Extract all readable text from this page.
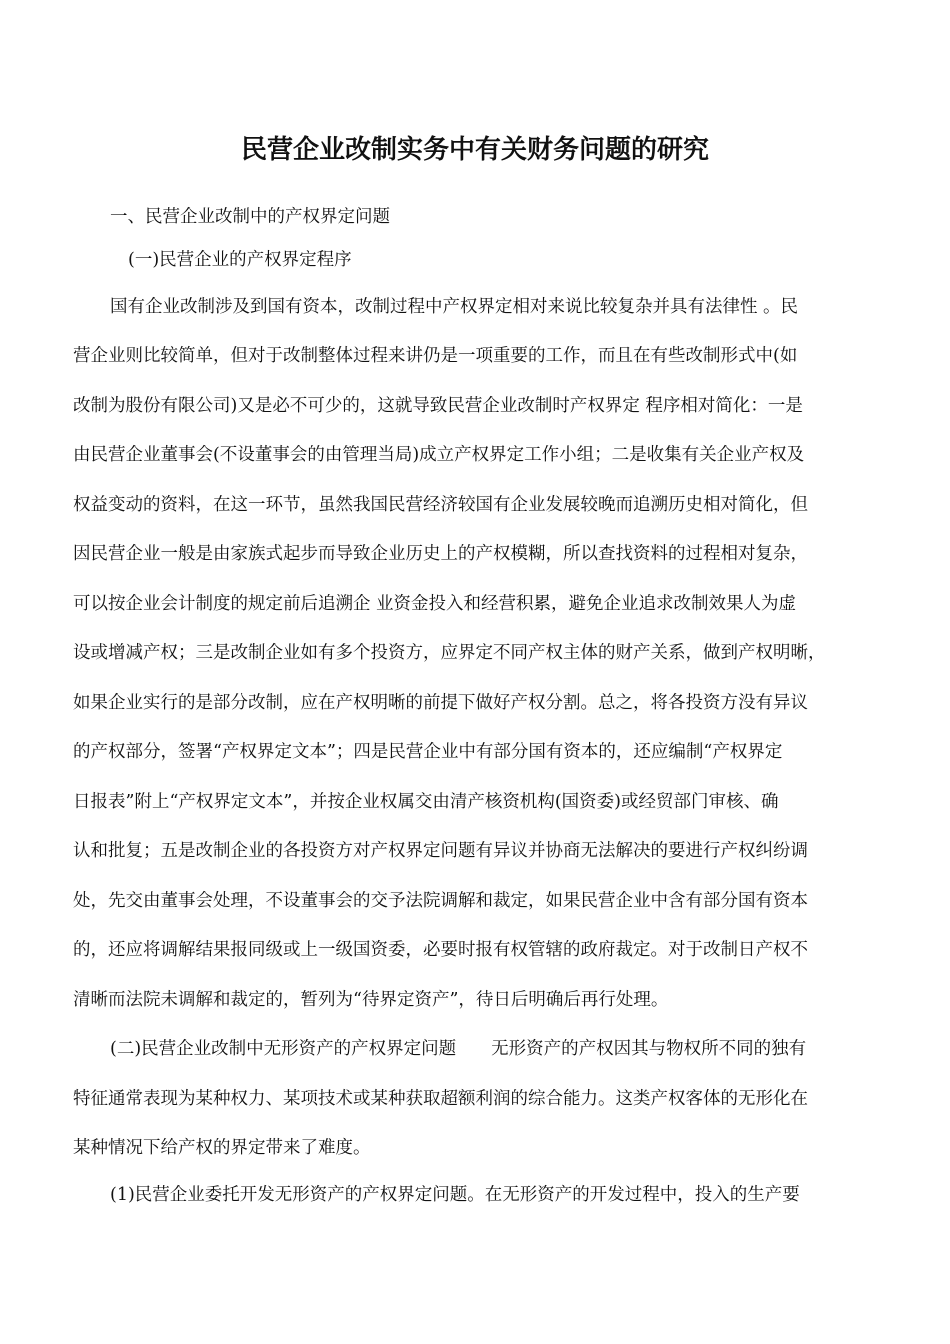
民营企业改制实务中有关财务问题的研究
一、民营企业改制中的产权界定问题
(一)民营企业的产权界定程序
国有企业改制涉及到国有资本，改制过程中产权界定相对来说比较复杂并具有法律性 。民
营企业则比较简单，但对于改制整体过程来讲仍是一项重要的工作，而且在有些改制形式中(如
改制为股份有限公司)又是必不可少的，这就导致民营企业改制时产权界定 程序相对简化：一是
由民营企业董事会(不设董事会的由管理当局)成立产权界定工作小组；二是收集有关企业产权及
权益变动的资料，在这一环节，虽然我国民营经济较国有企业发展较晚而追溯历史相对简化，但
因民营企业一般是由家族式起步而导致企业历史上的产权模糊，所以查找资料的过程相对复杂，
可以按企业会计制度的规定前后追溯企 业资金投入和经营积累，避免企业追求改制效果人为虚
设或增减产权；三是改制企业如有多个投资方，应界定不同产权主体的财产关系，做到产权明晰，
如果企业实行的是部分改制，应在产权明晰的前提下做好产权分割。总之，将各投资方没有异议
的产权部分，签署“产权界定文本”；四是民营企业中有部分国有资本的，还应编制“产权界定
日报表”附上“产权界定文本”，并按企业权属交由清产核资机构(国资委)或经贸部门审核、确
认和批复；五是改制企业的各投资方对产权界定问题有异议并协商无法解决的要进行产权纠纷调
处，先交由董事会处理，不设董事会的交予法院调解和裁定，如果民营企业中含有部分国有资本
的，还应将调解结果报同级或上一级国资委，必要时报有权管辖的政府裁定。对于改制日产权不
清晰而法院未调解和裁定的，暂列为“待界定资产”，待日后明确后再行处理。
(二)民营企业改制中无形资产的产权界定问题　　无形资产的产权因其与物权所不同的独有
特征通常表现为某种权力、某项技术或某种获取超额利润的综合能力。这类产权客体的无形化在
某种情况下给产权的界定带来了难度。
(1)民营企业委托开发无形资产的产权界定问题。在无形资产的开发过程中，投入的生产要
